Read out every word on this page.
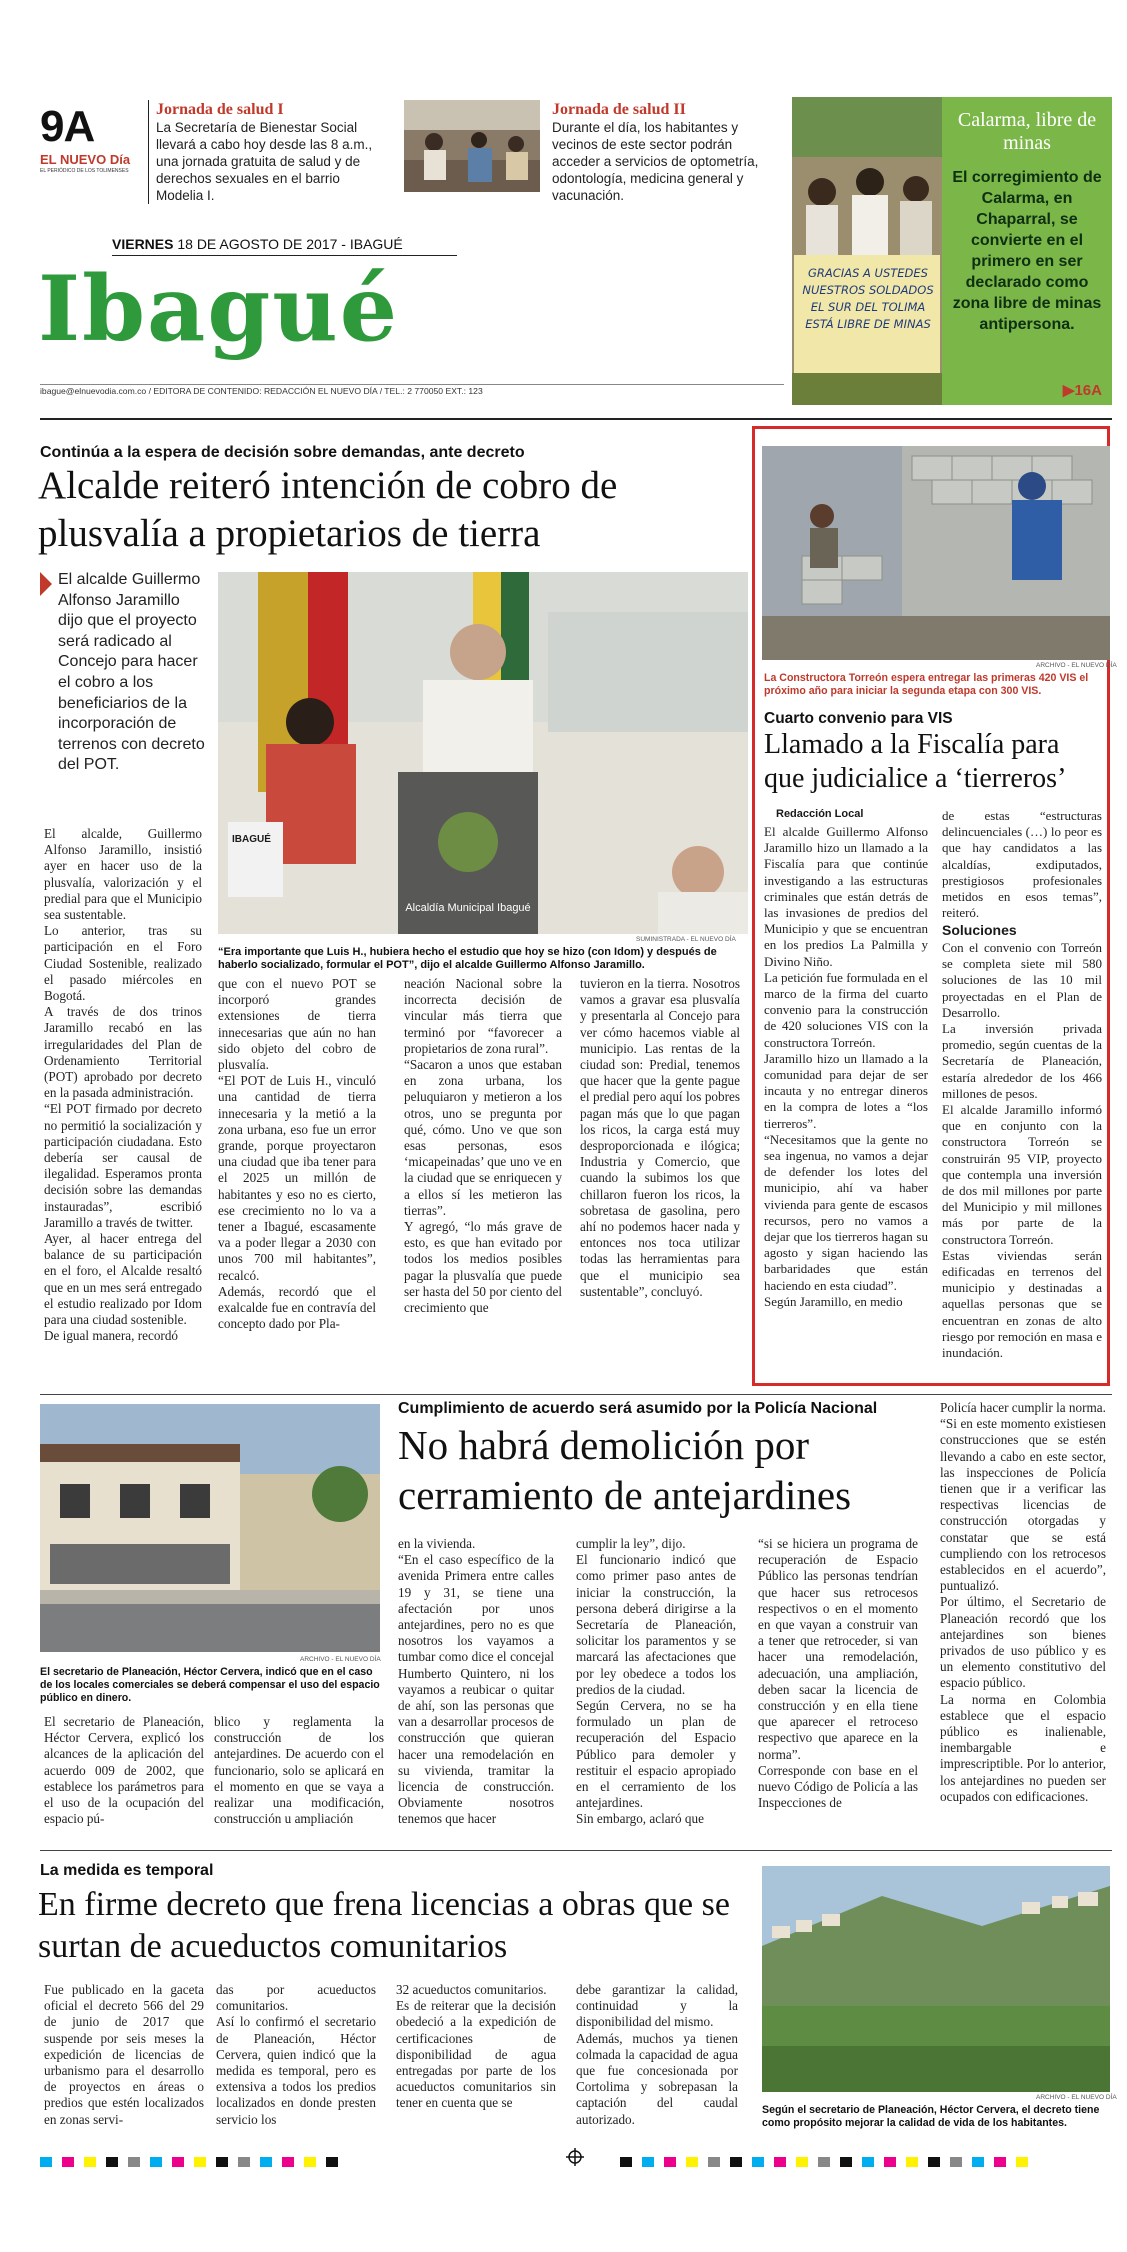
9A
EL NUEVO Día
EL PERIÓDICO DE LOS TOLIMENSES
Jornada de salud I
La Secretaría de Bienestar Social llevará a cabo hoy desde las 8 a.m., una jornada gratuita de salud y de derechos sexuales en el barrio Modelia I.
Jornada de salud II
Durante el día, los habitantes y vecinos de este sector podrán acceder a servicios de optometría, odontología, medicina general y vacunación.
GRACIAS A USTEDES NUESTROS SOLDADOS EL SUR DEL TOLIMA ESTÁ LIBRE DE MINAS
Calarma, libre de minas
El corregimiento de Calarma, en Chaparral, se convierte en el primero en ser declarado como zona libre de minas antipersona.
▶16A
VIERNES 18 DE AGOSTO DE 2017 - IBAGUÉ
Ibagué
ibague@elnuevodia.com.co / EDITORA DE CONTENIDO: REDACCIÓN EL NUEVO DÍA / TEL.: 2 770050 EXT.: 123
Continúa a la espera de decisión sobre demandas, ante decreto
Alcalde reiteró intención de cobro de plusvalía a propietarios de tierra
El alcalde Guillermo Alfonso Jaramillo dijo que el proyecto será radicado al Concejo para hacer el cobro a los beneficiarios de la incorporación de terrenos con decreto del POT.
Alcaldía Municipal Ibagué
IBAGUÉ
SUMINISTRADA - EL NUEVO DÍA
“Era importante que Luis H., hubiera hecho el estudio que hoy se hizo (con Idom) y después de haberlo socializado, formular el POT”, dijo el alcalde Guillermo Alfonso Jaramillo.
El alcalde, Guillermo Alfonso Jaramillo, insistió ayer en hacer uso de la plusvalía, valorización y el predial para que el Municipio sea sustentable.
Lo anterior, tras su participación en el Foro Ciudad Sostenible, realizado el pasado miércoles en Bogotá.
A través de dos trinos Jaramillo recabó en las irregularidades del Plan de Ordenamiento Territorial (POT) aprobado por decreto en la pasada administración.
“El POT firmado por decreto no permitió la socialización y participación ciudadana. Esto debería ser causal de ilegalidad. Esperamos pronta decisión sobre las demandas instauradas”, escribió Jaramillo a través de twitter.
Ayer, al hacer entrega del balance de su participación en el foro, el Alcalde resaltó que en un mes será entregado el estudio realizado por Idom para una ciudad sostenible.
De igual manera, recordó
que con el nuevo POT se incorporó grandes extensiones de tierra innecesarias que aún no han sido objeto del cobro de plusvalía.
“El POT de Luis H., vinculó una cantidad de tierra innecesaria y la metió a la zona urbana, eso fue un error grande, porque proyectaron una ciudad que iba tener para el 2025 un millón de habitantes y eso no es cierto, ese crecimiento no lo va a tener a Ibagué, escasamente va a poder llegar a 2030 con unos 700 mil habitantes”, recalcó.
Además, recordó que el exalcalde fue en contravía del concepto dado por Pla-
neación Nacional sobre la incorrecta decisión de vincular más tierra que terminó por “favorecer a propietarios de zona rural”.
“Sacaron a unos que estaban en zona urbana, los peluquiaron y metieron a los otros, uno se pregunta por qué, cómo. Uno ve que son esas personas, esos ‘micapeinadas’ que uno ve en la ciudad que se enriquecen y a ellos sí les metieron las tierras”.
Y agregó, “lo más grave de esto, es que han evitado por todos los medios posibles pagar la plusvalía que puede ser hasta del 50 por ciento del crecimiento que
tuvieron en la tierra. Nosotros vamos a gravar esa plusvalía y presentarla al Concejo para ver cómo hacemos viable al municipio. Las rentas de la ciudad son: Predial, tenemos que hacer que la gente pague el predial pero aquí los pobres pagan más que lo que pagan los ricos, la carga está muy desproporcionada e ilógica; Industria y Comercio, que cuando la subimos los que chillaron fueron los ricos, la sobretasa de gasolina, pero ahí no podemos hacer nada y entonces nos toca utilizar todas las herramientas para que el municipio sea sustentable”, concluyó.
ARCHIVO - EL NUEVO DÍA
La Constructora Torreón espera entregar las primeras 420 VIS el próximo año para iniciar la segunda etapa con 300 VIS.
Cuarto convenio para VIS
Llamado a la Fiscalía para que judicialice a ‘tierreros’
Redacción Local
El alcalde Guillermo Alfonso Jaramillo hizo un llamado a la Fiscalía para que continúe investigando a las estructuras criminales que están detrás de las invasiones de predios del Municipio y que se encuentran en los predios La Palmilla y Divino Niño.
La petición fue formulada en el marco de la firma del cuarto convenio para la construcción de 420 soluciones VIS con la constructora Torreón.
Jaramillo hizo un llamado a la comunidad para dejar de ser incauta y no entregar dineros en la compra de lotes a “los tierreros”.
“Necesitamos que la gente no sea ingenua, no vamos a dejar de defender los lotes del municipio, ahí va haber vivienda para gente de escasos recursos, pero no vamos a dejar que los tierreros hagan su agosto y sigan haciendo las barbaridades que están haciendo en esta ciudad”.
Según Jaramillo, en medio
de estas “estructuras delincuenciales (…) lo peor es que hay candidatos a las alcaldías, exdiputados, prestigiosos profesionales metidos en esos temas”, reiteró.
Soluciones
Con el convenio con Torreón se completa siete mil 580 soluciones de las 10 mil proyectadas en el Plan de Desarrollo.
La inversión privada promedio, según cuentas de la Secretaría de Planeación, estaría alrededor de los 466 millones de pesos.
El alcalde Jaramillo informó que en conjunto con la constructora Torreón se construirán 95 VIP, proyecto que contempla una inversión de dos mil millones por parte del Municipio y mil millones más por parte de la constructora Torreón.
Estas viviendas serán edificadas en terrenos del municipio y destinadas a aquellas personas que se encuentran en zonas de alto riesgo por remoción en masa e inundación.
ARCHIVO - EL NUEVO DÍA
El secretario de Planeación, Héctor Cervera, indicó que en el caso de los locales comerciales se deberá compensar el uso del espacio público en dinero.
Cumplimiento de acuerdo será asumido por la Policía Nacional
No habrá demolición por cerramiento de antejardines
El secretario de Planeación, Héctor Cervera, explicó los alcances de la aplicación del acuerdo 009 de 2002, que establece los parámetros para el uso de la ocupación del espacio pú-
blico y reglamenta la construcción de los antejardines. De acuerdo con el funcionario, solo se aplicará en el momento en que se vaya a realizar una modificación, construcción u ampliación
en la vivienda.
“En el caso específico de la avenida Primera entre calles 19 y 31, se tiene una afectación por unos antejardines, pero no es que nosotros los vayamos a tumbar como dice el concejal Humberto Quintero, ni los vayamos a reubicar o quitar de ahí, son las personas que van a desarrollar procesos de construcción que quieran hacer una remodelación en su vivienda, tramitar la licencia de construcción. Obviamente nosotros tenemos que hacer
cumplir la ley”, dijo.
El funcionario indicó que como primer paso antes de iniciar la construcción, la persona deberá dirigirse a la Secretaría de Planeación, solicitar los paramentos y se marcará las afectaciones que por ley obedece a todos los predios de la ciudad.
Según Cervera, no se ha formulado un plan de recuperación del Espacio Público para demoler y restituir el espacio apropiado en el cerramiento de los antejardines.
Sin embargo, aclaró que
“si se hiciera un programa de recuperación de Espacio Público las personas tendrían que hacer sus retrocesos respectivos o en el momento en que vayan a construir van a tener que retroceder, si van hacer una remodelación, adecuación, una ampliación, deben sacar la licencia de construcción y en ella tiene que aparecer el retroceso respectivo que aparece en la norma”.
Corresponde con base en el nuevo Código de Policía a las Inspecciones de
Policía hacer cumplir la norma.
“Si en este momento existiesen construcciones que se estén llevando a cabo en este sector, las inspecciones de Policía tienen que ir a verificar las respectivas licencias de construcción otorgadas y constatar que se está cumpliendo con los retrocesos establecidos en el acuerdo”, puntualizó.
Por último, el Secretario de Planeación recordó que los antejardines son bienes privados de uso público y es un elemento constitutivo del espacio público.
La norma en Colombia establece que el espacio público es inalienable, inembargable e imprescriptible. Por lo anterior, los antejardines no pueden ser ocupados con edificaciones.
La medida es temporal
En firme decreto que frena licencias a obras que se surtan de acueductos comunitarios
Fue publicado en la gaceta oficial el decreto 566 del 29 de junio de 2017 que suspende por seis meses la expedición de licencias de urbanismo para el desarrollo de proyectos en áreas o predios que estén localizados en zonas servi-
das por acueductos comunitarios.
Así lo confirmó el secretario de Planeación, Héctor Cervera, quien indicó que la medida es temporal, pero es extensiva a todos los predios localizados en donde presten servicio los
32 acueductos comunitarios.
Es de reiterar que la decisión obedeció a la expedición de certificaciones de disponibilidad de agua entregadas por parte de los acueductos comunitarios sin tener en cuenta que se
debe garantizar la calidad, continuidad y la disponibilidad del mismo.
Además, muchos ya tienen colmada la capacidad de agua que fue concesionada por Cortolima y sobrepasan la captación del caudal autorizado.
ARCHIVO - EL NUEVO DÍA
Según el secretario de Planeación, Héctor Cervera, el decreto tiene como propósito mejorar la calidad de vida de los habitantes.
